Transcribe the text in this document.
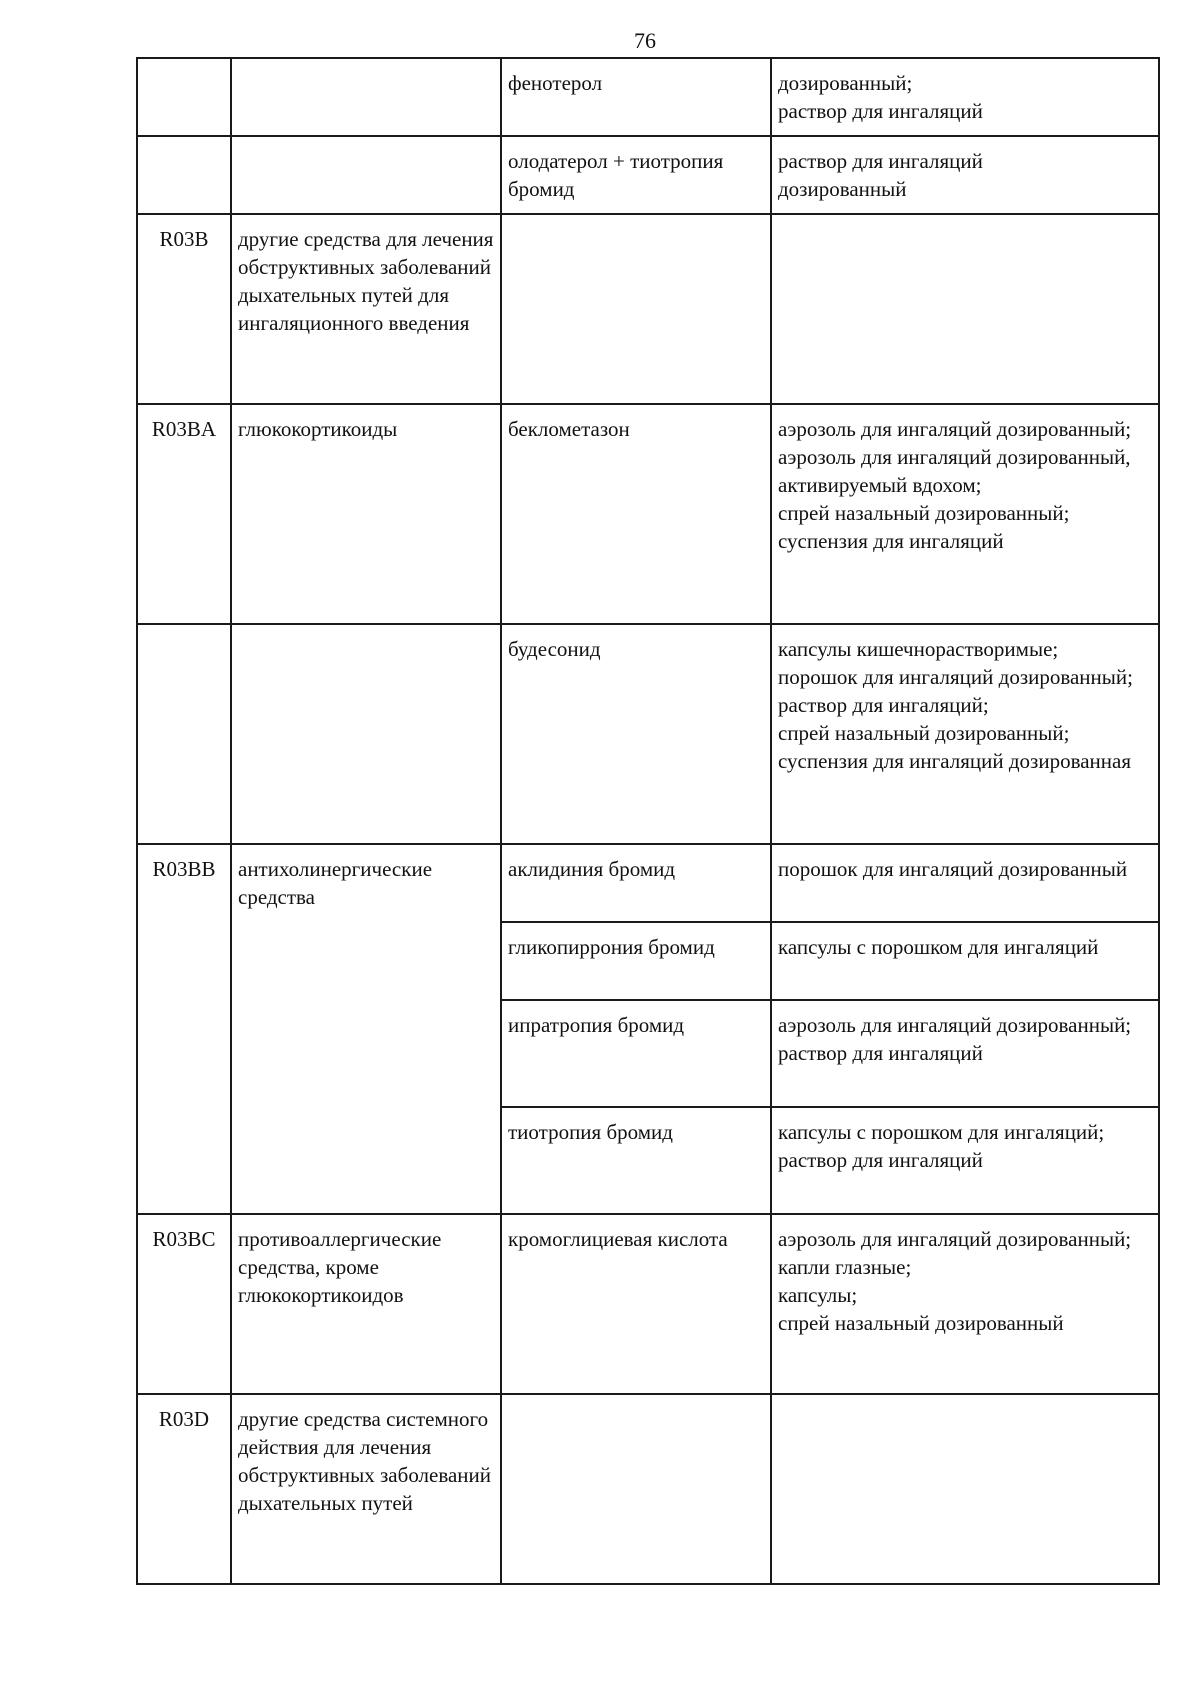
76
		фенотерол	дозированный;
раствор для ингаляций

		олодатерол + тиотропия бромид	раствор для ингаляций
дозированный

R03B	другие средства для лечения обструктивных заболеваний дыхательных путей для ингаляционного введения		
R03BA	глюкокортикоиды	беклометазон	аэрозоль для ингаляций дозированный;
аэрозоль для ингаляций дозированный, активируемый вдохом;
спрей назальный дозированный;
суспензия для ингаляций

		будесонид	капсулы кишечнорастворимые;
порошок для ингаляций дозированный;
раствор для ингаляций;
спрей назальный дозированный;
суспензия для ингаляций дозированная

R03BB	антихолинергические средства	аклидиния бромид	порошок для ингаляций дозированный

		гликопиррония бромид	капсулы с порошком для ингаляций

		ипратропия бромид	аэрозоль для ингаляций дозированный;
раствор для ингаляций

		тиотропия бромид	капсулы с порошком для ингаляций;
раствор для ингаляций

R03BC	противоаллергические средства, кроме глюкокортикоидов	кромоглициевая кислота	аэрозоль для ингаляций дозированный;
капли глазные;
капсулы;
спрей назальный дозированный

R03D	другие средства системного действия для лечения обструктивных заболеваний дыхательных путей		
